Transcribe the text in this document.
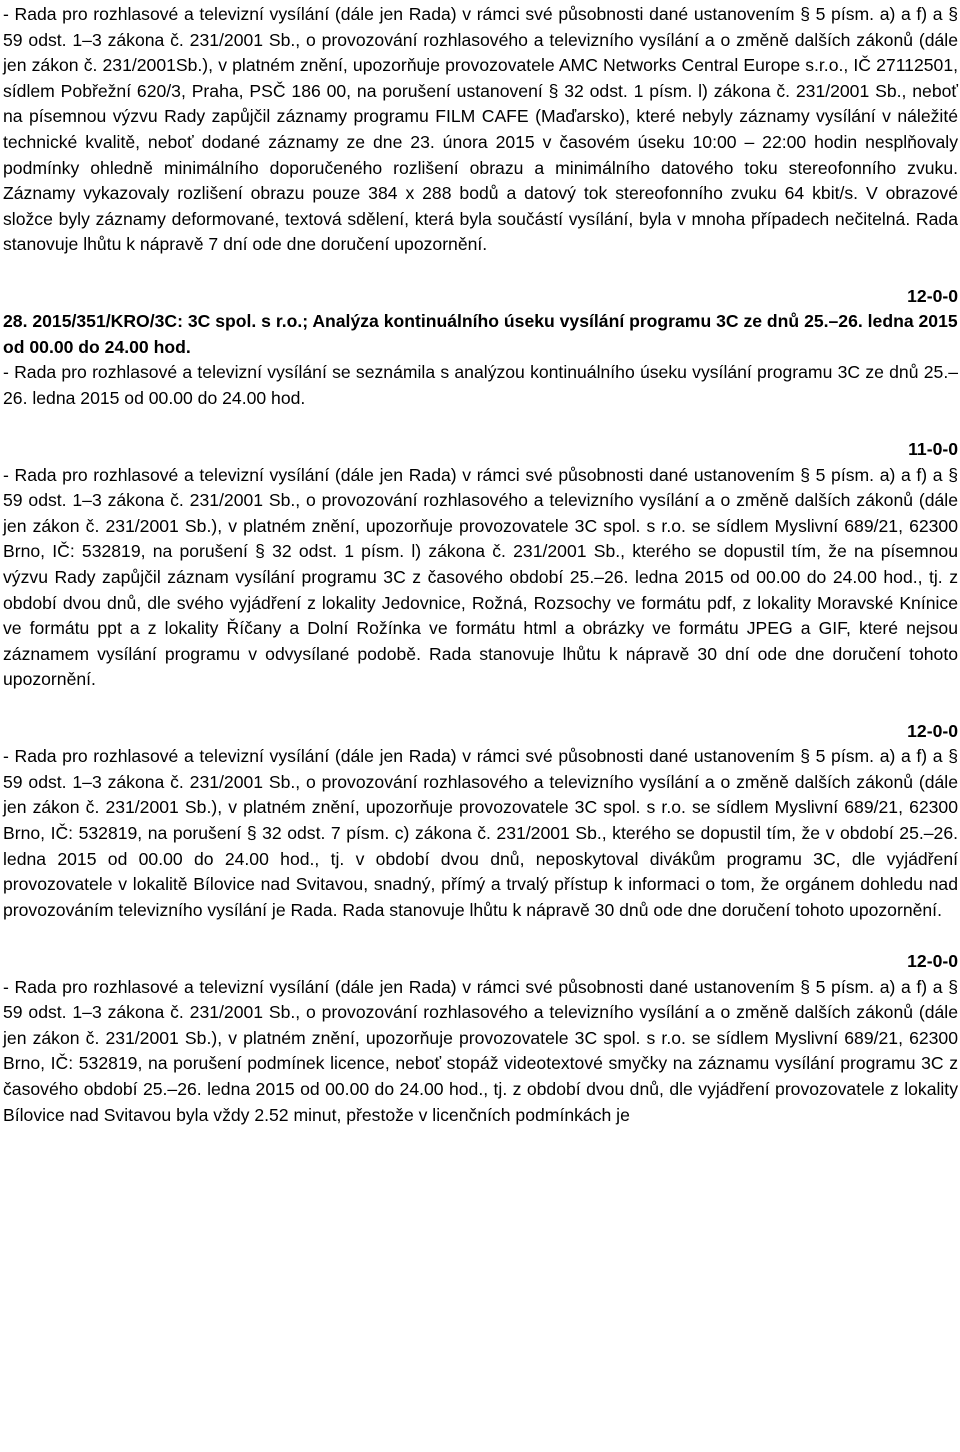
- Rada pro rozhlasové a televizní vysílání (dále jen Rada) v rámci své působnosti dané ustanovením § 5 písm. a) a f) a § 59 odst. 1–3 zákona č. 231/2001 Sb., o provozování rozhlasového a televizního vysílání a o změně dalších zákonů (dále jen zákon č. 231/2001Sb.), v platném znění, upozorňuje provozovatele AMC Networks Central Europe s.r.o., IČ 27112501, sídlem Pobřežní 620/3, Praha, PSČ 186 00, na porušení ustanovení § 32 odst. 1 písm. l) zákona č. 231/2001 Sb., neboť na písemnou výzvu Rady zapůjčil záznamy programu FILM CAFE (Maďarsko), které nebyly záznamy vysílání v náležité technické kvalitě, neboť dodané záznamy ze dne 23. února 2015 v časovém úseku 10:00 – 22:00 hodin nesplňovaly podmínky ohledně minimálního doporučeného rozlišení obrazu a minimálního datového toku stereofonního zvuku. Záznamy vykazovaly rozlišení obrazu pouze 384 x 288 bodů a datový tok stereofonního zvuku 64 kbit/s. V obrazové složce byly záznamy deformované, textová sdělení, která byla součástí vysílání, byla v mnoha případech nečitelná. Rada stanovuje lhůtu k nápravě 7 dní ode dne doručení upozornění.

12-0-0

28. 2015/351/KRO/3C: 3C spol. s r.o.; Analýza kontinuálního úseku vysílání programu 3C ze dnů 25.–26. ledna 2015 od 00.00 do 24.00 hod.

- Rada pro rozhlasové a televizní vysílání se seznámila s analýzou kontinuálního úseku vysílání programu 3C ze dnů 25.–26. ledna 2015 od 00.00 do 24.00 hod.

11-0-0

- Rada pro rozhlasové a televizní vysílání (dále jen Rada) v rámci své působnosti dané ustanovením § 5 písm. a) a f) a § 59 odst. 1–3 zákona č. 231/2001 Sb., o provozování rozhlasového a televizního vysílání a o změně dalších zákonů (dále jen zákon č. 231/2001 Sb.), v platném znění, upozorňuje provozovatele 3C spol. s r.o. se sídlem Myslivní 689/21, 62300 Brno, IČ: 532819, na porušení § 32 odst. 1 písm. l) zákona č. 231/2001 Sb., kterého se dopustil tím, že na písemnou výzvu Rady zapůjčil záznam vysílání programu 3C z časového období 25.–26. ledna 2015 od 00.00 do 24.00 hod., tj. z období dvou dnů, dle svého vyjádření z lokality Jedovnice, Rožná, Rozsochy ve formátu pdf, z lokality Moravské Knínice ve formátu ppt a z lokality Říčany a Dolní Rožínka ve formátu html a obrázky ve formátu JPEG a GIF, které nejsou záznamem vysílání programu v odvysílané podobě. Rada stanovuje lhůtu k nápravě 30 dní ode dne doručení tohoto upozornění.

12-0-0

- Rada pro rozhlasové a televizní vysílání (dále jen Rada) v rámci své působnosti dané ustanovením § 5 písm. a) a f) a § 59 odst. 1–3 zákona č. 231/2001 Sb., o provozování rozhlasového a televizního vysílání a o změně dalších zákonů (dále jen zákon č. 231/2001 Sb.), v platném znění, upozorňuje provozovatele 3C spol. s r.o. se sídlem Myslivní 689/21, 62300 Brno, IČ: 532819, na porušení § 32 odst. 7 písm. c) zákona č. 231/2001 Sb., kterého se dopustil tím, že v období 25.–26. ledna 2015 od 00.00 do 24.00 hod., tj. v období dvou dnů, neposkytoval divákům programu 3C, dle vyjádření provozovatele v lokalitě Bílovice nad Svitavou, snadný, přímý a trvalý přístup k informaci o tom, že orgánem dohledu nad provozováním televizního vysílání je Rada. Rada stanovuje lhůtu k nápravě 30 dnů ode dne doručení tohoto upozornění.

12-0-0

- Rada pro rozhlasové a televizní vysílání (dále jen Rada) v rámci své působnosti dané ustanovením § 5 písm. a) a f) a § 59 odst. 1–3 zákona č. 231/2001 Sb., o provozování rozhlasového a televizního vysílání a o změně dalších zákonů (dále jen zákon č. 231/2001 Sb.), v platném znění, upozorňuje provozovatele 3C spol. s r.o. se sídlem Myslivní 689/21, 62300 Brno, IČ: 532819, na porušení podmínek licence, neboť stopáž videotextové smyčky na záznamu vysílání programu 3C z časového období 25.–26. ledna 2015 od 00.00 do 24.00 hod., tj. z období dvou dnů, dle vyjádření provozovatele z lokality Bílovice nad Svitavou byla vždy 2.52 minut, přestože v licenčních podmínkách je
